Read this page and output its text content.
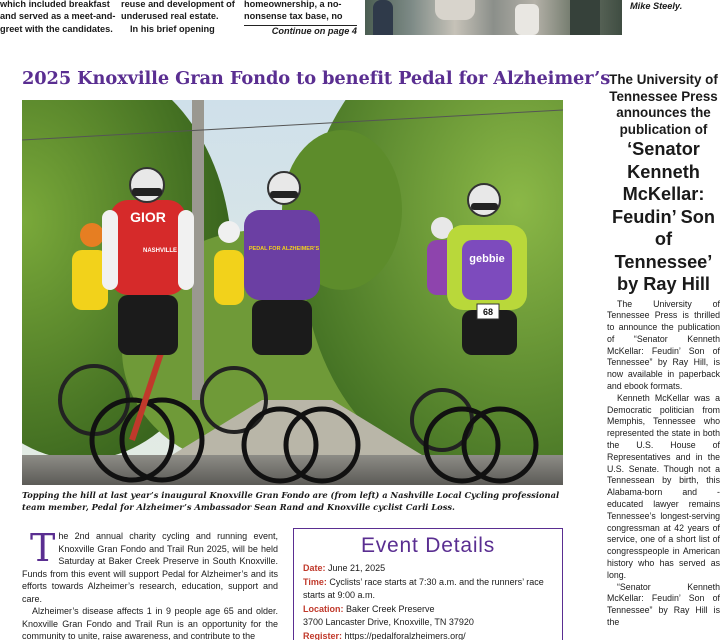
which included breakfast
and served as a meet-and-
greet with the candidates.
reuse and development of
underused real estate.
In his brief opening
homeownership, a no-
nonsense tax base, no
Continue on page 4
Mike Steely.
2025 Knoxville Gran Fondo to benefit Pedal for Alzheimer’s
GIOR
NASHVILLE	PEDAL FOR ALZHEIMER’S
gebbie
68
Topping the hill at last year’s inaugural Knoxville Gran Fondo are (from left) a Nashville Local Cycling professional team member, Pedal for Alzheimer’s Ambassador Sean Rand and Knoxville cyclist Carli Loss.

The 2nd annual charity cycling and running event, Knoxville Gran Fondo and Trail Run 2025, will be held Saturday at Baker Creek Preserve in South Knoxville. Funds from this event will support Pedal for Alzheimer’s and its efforts towards Alzheimer’s research, education, support and care.

Alzheimer’s disease affects 1 in 9 people age 65 and older. Knoxville Gran Fondo and Trail Run is an opportunity for the community to unite, raise awareness, and contribute to the

Event Details
Date: June 21, 2025
Time: Cyclists’ race starts at 7:30 a.m. and the runners’ race starts at 9:00 a.m.
Location: Baker Creek Preserve
3700 Lancaster Drive, Knoxville, TN 37920
Register: https://pedalforalzheimers.org/
The University of Tennessee Press announces the publication of
‘Senator Kenneth McKellar: Feudin’ Son of Tennessee’ by Ray Hill

The University of Tennessee Press is thrilled to announce the publication of “Senator Kenneth McKellar: Feudin’ Son of Tennessee” by Ray Hill, is now available in paperback and ebook formats.

Kenneth McKellar was a Democratic politician from Memphis, Tennessee who represented the state in both the U.S. House of Representatives and in the U.S. Senate. Though not a Tennessean by birth, this Alabama-born and -educated lawyer remains Tennessee’s longest-serving congressman at 42 years of service, one of a short list of congresspeople in American history who has served as long.

“Senator Kenneth McKellar: Feudin’ Son of Tennessee” by Ray Hill is the
